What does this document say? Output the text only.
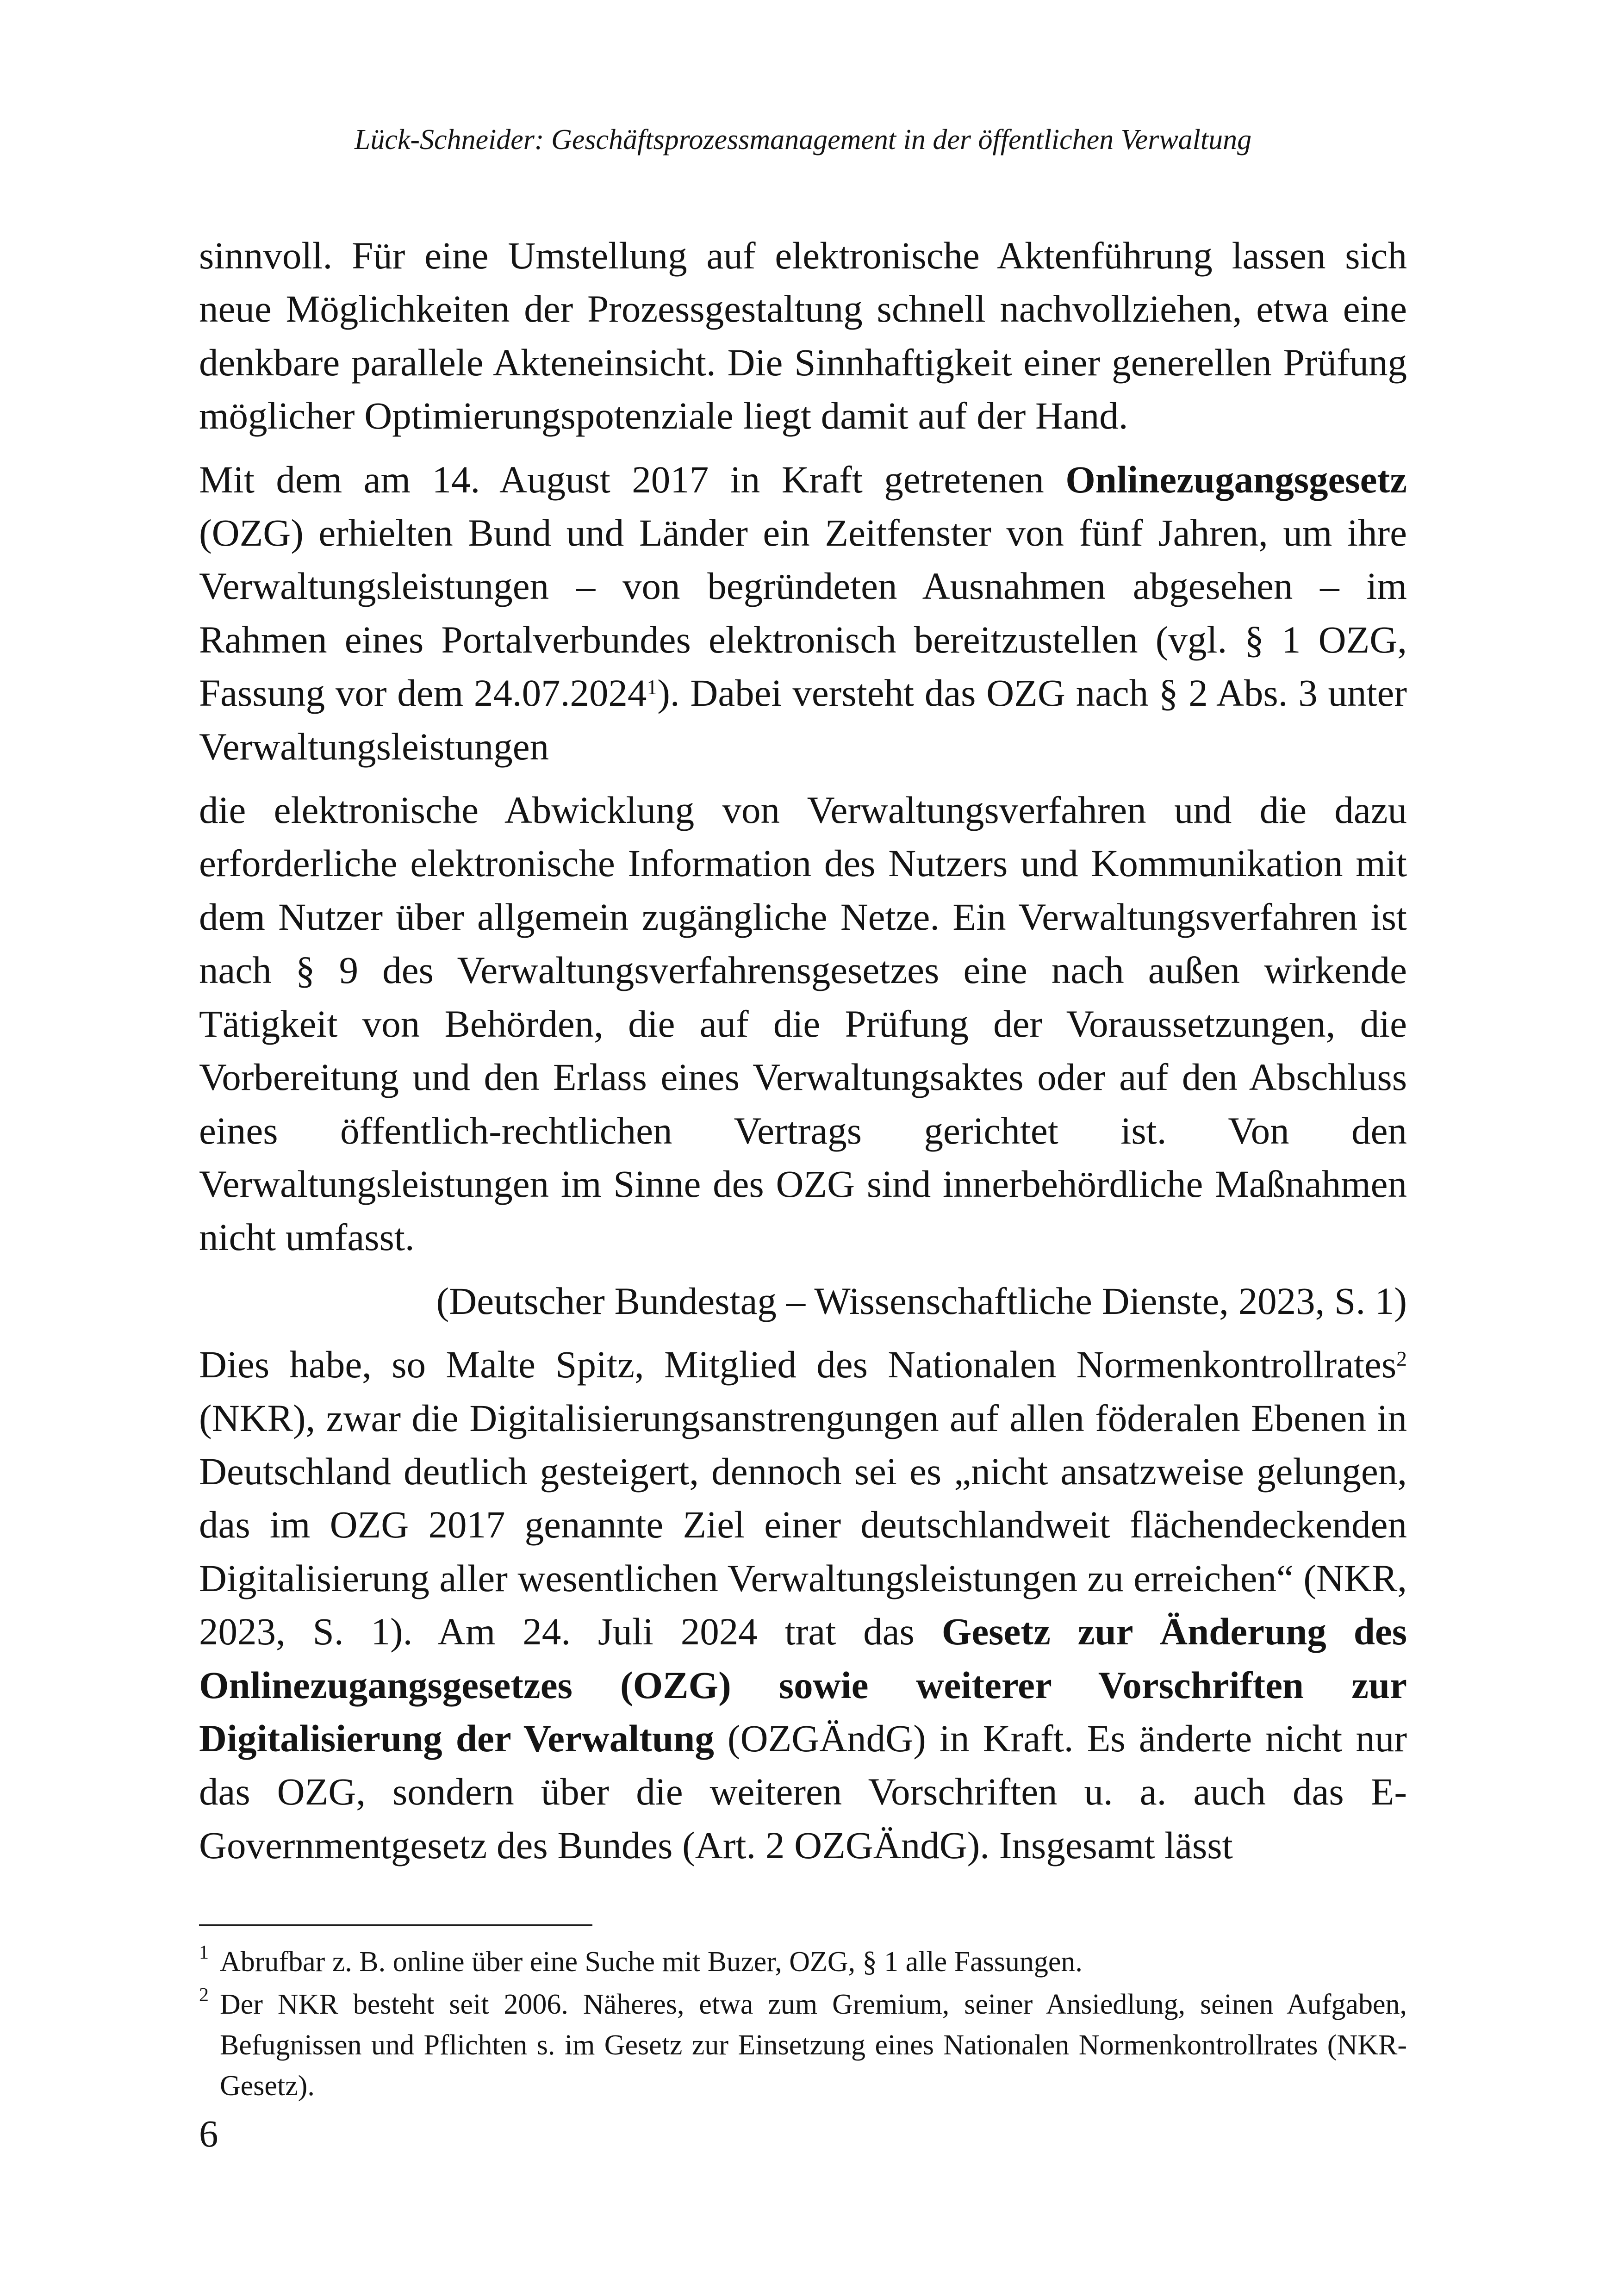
Lück-Schneider: Geschäftsprozessmanagement in der öffentlichen Verwaltung

sinnvoll. Für eine Umstellung auf elektronische Aktenführung lassen sich neue Möglichkeiten der Prozessgestaltung schnell nachvollziehen, etwa eine denkbare parallele Akteneinsicht. Die Sinnhaftigkeit einer generellen Prüfung möglicher Optimierungspotenziale liegt damit auf der Hand.

Mit dem am 14. August 2017 in Kraft getretenen Onlinezugangsgesetz (OZG) erhielten Bund und Länder ein Zeitfenster von fünf Jahren, um ihre Verwaltungsleistungen – von begründeten Ausnahmen abgesehen – im Rahmen eines Portalverbundes elektronisch bereitzustellen (vgl. § 1 OZG, Fassung vor dem 24.07.2024$^1$). Dabei versteht das OZG nach § 2 Abs. 3 unter Verwaltungsleistungen

die elektronische Abwicklung von Verwaltungsverfahren und die dazu erforderliche elektronische Information des Nutzers und Kommunikation mit dem Nutzer über allgemein zugängliche Netze. Ein Verwaltungsverfahren ist nach § 9 des Verwaltungsverfahrensgesetzes eine nach außen wirkende Tätigkeit von Behörden, die auf die Prüfung der Voraussetzungen, die Vorbereitung und den Erlass eines Verwaltungsaktes oder auf den Abschluss eines öffentlich-rechtlichen Vertrags gerichtet ist. Von den Verwaltungsleistungen im Sinne des OZG sind innerbehördliche Maßnahmen nicht umfasst.

(Deutscher Bundestag – Wissenschaftliche Dienste, 2023, S. 1)

Dies habe, so Malte Spitz, Mitglied des Nationalen Normenkontrollrates$^2$ (NKR), zwar die Digitalisierungsanstrengungen auf allen föderalen Ebenen in Deutschland deutlich gesteigert, dennoch sei es „nicht ansatzweise gelungen, das im OZG 2017 genannte Ziel einer deutschlandweit flächendeckenden Digitalisierung aller wesentlichen Verwaltungsleistungen zu erreichen“ (NKR, 2023, S. 1). Am 24. Juli 2024 trat das Gesetz zur Änderung des Onlinezugangsgesetzes (OZG) sowie weiterer Vorschriften zur Digitalisierung der Verwaltung (OZGÄndG) in Kraft. Es änderte nicht nur das OZG, sondern über die weiteren Vorschriften u. a. auch das E-Governmentgesetz des Bundes (Art. 2 OZGÄndG). Insgesamt lässt

1 Abrufbar z. B. online über eine Suche mit Buzer, OZG, § 1 alle Fassungen.

2 Der NKR besteht seit 2006. Näheres, etwa zum Gremium, seiner Ansiedlung, seinen Aufgaben, Befugnissen und Pflichten s. im Gesetz zur Einsetzung eines Nationalen Normenkontrollrates (NKR-Gesetz).

6
